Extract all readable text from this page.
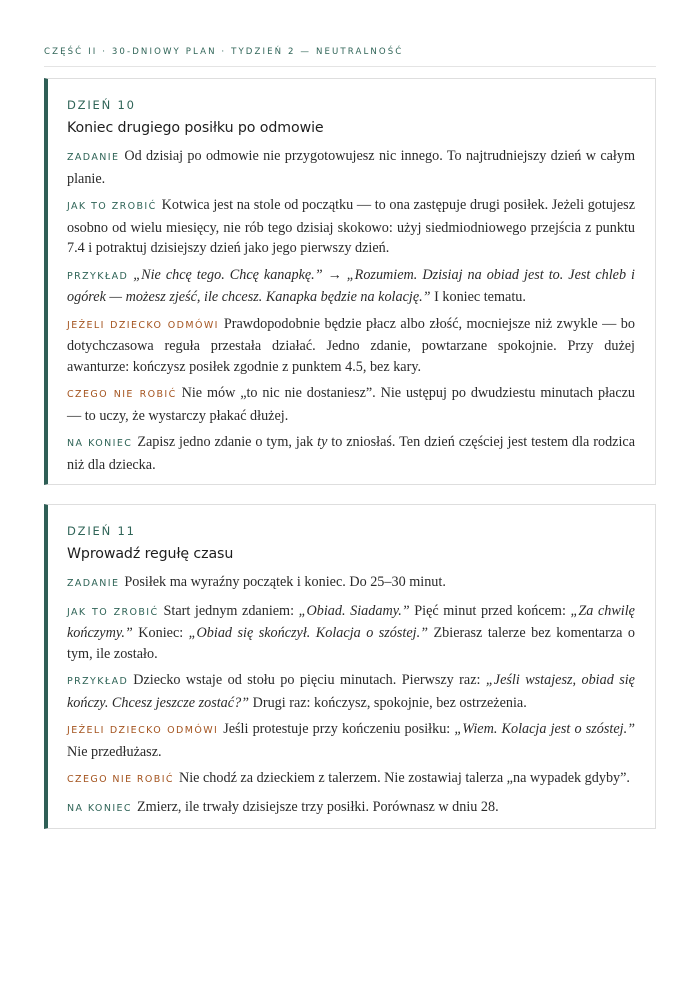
CZĘŚĆ II · 30-DNIOWY PLAN · TYDZIEŃ 2 — NEUTRALNOŚĆ
DZIEŃ 10
Koniec drugiego posiłku po odmowie

ZADANIE Od dzisiaj po odmowie nie przygotowujesz nic innego. To najtrudniejszy dzień w całym planie.

JAK TO ZROBIĆ Kotwica jest na stole od początku — to ona zastępuje drugi posiłek. Jeżeli gotujesz osobno od wielu miesięcy, nie rób tego dzisiaj skokowo: użyj siedmiodniowego przejścia z punktu 7.4 i potraktuj dzisiejszy dzień jako jego pierwszy dzień.

PRZYKŁAD „Nie chcę tego. Chcę kanapkę.” → „Rozumiem. Dzisiaj na obiad jest to. Jest chleb i ogórek — możesz zjeść, ile chcesz. Kanapka będzie na kolację.” I koniec tematu.

JEŻELI DZIECKO ODMÓWI Prawdopodobnie będzie płacz albo złość, mocniejsze niż zwykle — bo dotychczasowa reguła przestała działać. Jedno zdanie, powtarzane spokojnie. Przy dużej awanturze: kończysz posiłek zgodnie z punktem 4.5, bez kary.

CZEGO NIE ROBIĆ Nie mów „to nic nie dostaniesz”. Nie ustępuj po dwudziestu minutach płaczu — to uczy, że wystarczy płakać dłużej.

NA KONIEC Zapisz jedno zdanie o tym, jak ty to zniosłaś. Ten dzień częściej jest testem dla rodzica niż dla dziecka.

DZIEŃ 11
Wprowadź regułę czasu

ZADANIE Posiłek ma wyraźny początek i koniec. Do 25–30 minut.

JAK TO ZROBIĆ Start jednym zdaniem: „Obiad. Siadamy.” Pięć minut przed końcem: „Za chwilę kończymy.” Koniec: „Obiad się skończył. Kolacja o szóstej.” Zbierasz talerze bez komentarza o tym, ile zostało.

PRZYKŁAD Dziecko wstaje od stołu po pięciu minutach. Pierwszy raz: „Jeśli wstajesz, obiad się kończy. Chcesz jeszcze zostać?” Drugi raz: kończysz, spokojnie, bez ostrzeżenia.

JEŻELI DZIECKO ODMÓWI Jeśli protestuje przy kończeniu posiłku: „Wiem. Kolacja jest o szóstej.” Nie przedłużasz.

CZEGO NIE ROBIĆ Nie chodź za dzieckiem z talerzem. Nie zostawiaj talerza „na wypadek gdyby”.

NA KONIEC Zmierz, ile trwały dzisiejsze trzy posiłki. Porównasz w dniu 28.
